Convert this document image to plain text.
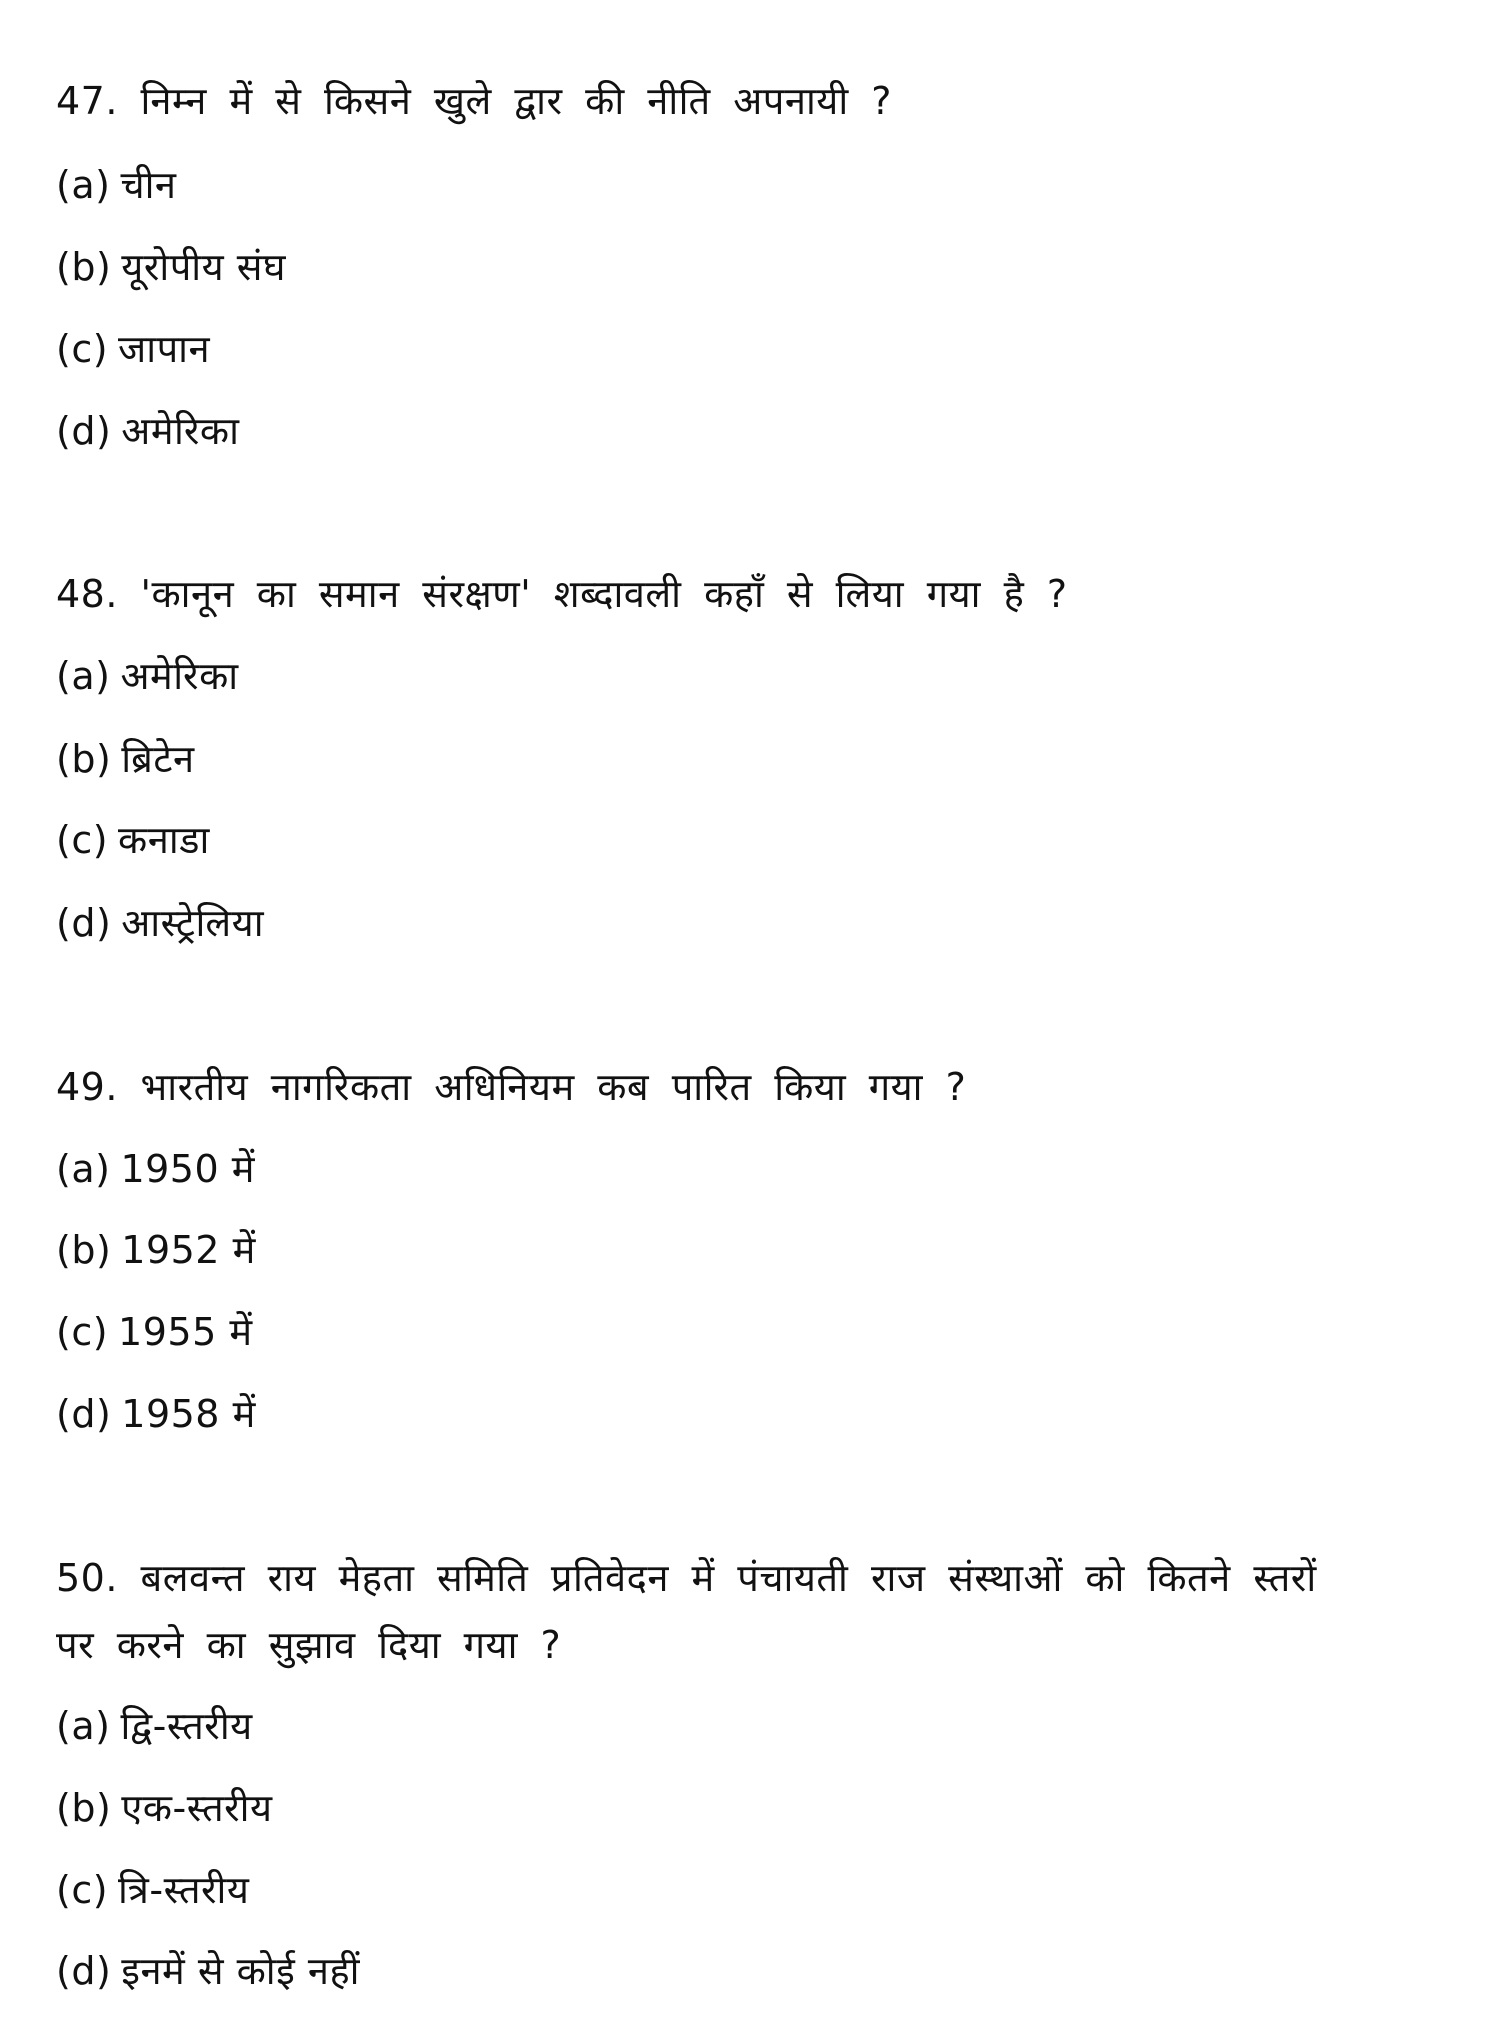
47. निम्न में से किसने खुले द्वार की नीति अपनायी ?
(a) चीन
(b) यूरोपीय संघ
(c) जापान
(d) अमेरिका
48. 'कानून का समान संरक्षण' शब्दावली कहाँ से लिया गया है ?
(a) अमेरिका
(b) ब्रिटेन
(c) कनाडा
(d) आस्ट्रेलिया
49. भारतीय नागरिकता अधिनियम कब पारित किया गया ?
(a) 1950 में
(b) 1952 में
(c) 1955 में
(d) 1958 में
50. बलवन्त राय मेहता समिति प्रतिवेदन में पंचायती राज संस्थाओं को कितने स्तरों
पर करने का सुझाव दिया गया ?
(a) द्वि-स्तरीय
(b) एक-स्तरीय
(c) त्रि-स्तरीय
(d) इनमें से कोई नहीं
